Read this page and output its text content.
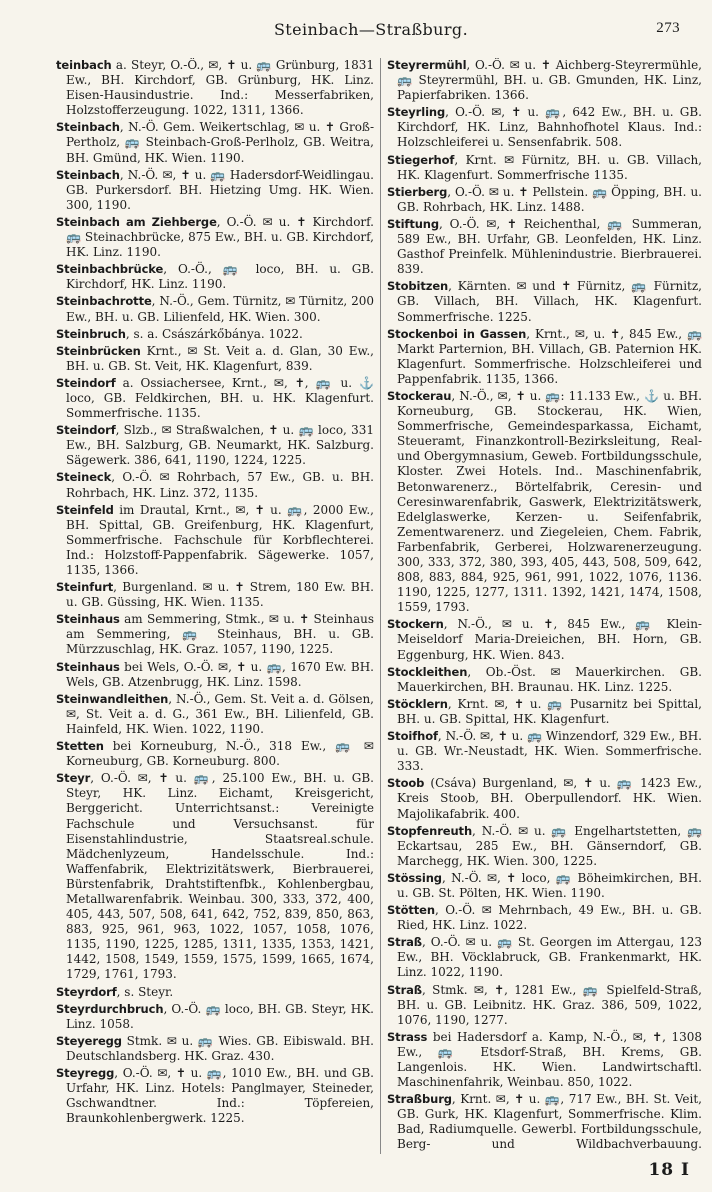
Steinbach—Straßburg.	273

teinbach a. Steyr, O.-Ö., ✉, ✝ u. 🚌 Grünburg, 1831 Ew., BH. Kirchdorf, GB. Grünburg, HK. Linz. Eisen-Hausindustrie. Ind.: Messerfabriken, Holzstofferzeugung. 1022, 1311, 1366.

Steinbach, N.-Ö. Gem. Weikertschlag, ✉ u. ✝ Groß-Pertholz, 🚌 Steinbach-Groß-Perlholz, GB. Weitra, BH. Gmünd, HK. Wien. 1190.

Steinbach, N.-Ö. ✉, ✝ u. 🚌 Hadersdorf-Weidlingau. GB. Purkersdorf. BH. Hietzing Umg. HK. Wien. 300, 1190.

Steinbach am Ziehberge, O.-Ö. ✉ u. ✝ Kirchdorf. 🚌 Steinachbrücke, 875 Ew., BH. u. GB. Kirchdorf, HK. Linz. 1190.

Steinbachbrücke, O.-Ö., 🚌 loco, BH. u. GB. Kirchdorf, HK. Linz. 1190.

Steinbachrotte, N.-Ö., Gem. Türnitz, ✉ Türnitz, 200 Ew., BH. u. GB. Lilienfeld, HK. Wien. 300.

Steinbruch, s. a. Császárkőbánya. 1022.

Steinbrücken Krnt., ✉ St. Veit a. d. Glan, 30 Ew., BH. u. GB. St. Veit, HK. Klagenfurt, 839.

Steindorf a. Ossiachersee, Krnt., ✉, ✝, 🚌 u. ⚓ loco, GB. Feldkirchen, BH. u. HK. Klagenfurt. Sommerfrische. 1135.

Steindorf, Slzb., ✉ Straßwalchen, ✝ u. 🚌 loco, 331 Ew., BH. Salzburg, GB. Neumarkt, HK. Salzburg. Sägewerk. 386, 641, 1190, 1224, 1225.

Steineck, O.-Ö. ✉ Rohrbach, 57 Ew., GB. u. BH. Rohrbach, HK. Linz. 372, 1135.

Steinfeld im Drautal, Krnt., ✉, ✝ u. 🚌, 2000 Ew., BH. Spittal, GB. Greifenburg, HK. Klagenfurt, Sommerfrische. Fachschule für Korbflechterei. Ind.: Holzstoff-Pappenfabrik. Sägewerke. 1057, 1135, 1366.

Steinfurt, Burgenland. ✉ u. ✝ Strem, 180 Ew. BH. u. GB. Güssing, HK. Wien. 1135.

Steinhaus am Semmering, Stmk., ✉ u. ✝ Steinhaus am Semmering, 🚌 Steinhaus, BH. u. GB. Mürzzuschlag, HK. Graz. 1057, 1190, 1225.

Steinhaus bei Wels, O.-Ö. ✉, ✝ u. 🚌, 1670 Ew. BH. Wels, GB. Atzenbrugg, HK. Linz. 1598.

Steinwandleithen, N.-Ö., Gem. St. Veit a. d. Gölsen, ✉, St. Veit a. d. G., 361 Ew., BH. Lilienfeld, GB. Hainfeld, HK. Wien. 1022, 1190.

Stetten bei Korneuburg, N.-Ö., 318 Ew., 🚌 ✉ Korneuburg, GB. Korneuburg. 800.

Steyr, O.-Ö. ✉, ✝ u. 🚌, 25.100 Ew., BH. u. GB. Steyr, HK. Linz. Eichamt, Kreisgericht, Berggericht. Unterrichtsanst.: Vereinigte Fachschule und Versuchsanst. für Eisenstahlindustrie, Staatsreal.schule. Mädchenlyzeum, Handelsschule. Ind.: Waffenfabrik, Elektrizitätswerk, Bierbrauerei, Bürstenfabrik, Drahtstiftenfbk., Kohlenbergbau, Metallwarenfabrik. Weinbau. 300, 333, 372, 400, 405, 443, 507, 508, 641, 642, 752, 839, 850, 863, 883, 925, 961, 963, 1022, 1057, 1058, 1076, 1135, 1190, 1225, 1285, 1311, 1335, 1353, 1421, 1442, 1508, 1549, 1559, 1575, 1599, 1665, 1674, 1729, 1761, 1793.

Steyrdorf, s. Steyr.

Steyrdurchbruch, O.-Ö. 🚌 loco, BH. GB. Steyr, HK. Linz. 1058.

Steyeregg Stmk. ✉ u. 🚌 Wies. GB. Eibiswald. BH. Deutschlandsberg. HK. Graz. 430.

Steyregg, O.-Ö. ✉, ✝ u. 🚌, 1010 Ew., BH. und GB. Urfahr, HK. Linz. Hotels: Panglmayer, Steineder, Gschwandtner. Ind.: Töpfereien, Braunkohlenbergwerk. 1225.

Steyrermühl, O.-Ö. ✉ u. ✝ Aichberg-Steyrermühle, 🚌 Steyrermühl, BH. u. GB. Gmunden, HK. Linz, Papierfabriken. 1366.

Steyrling, O.-Ö. ✉, ✝ u. 🚌, 642 Ew., BH. u. GB. Kirchdorf, HK. Linz, Bahnhofhotel Klaus. Ind.: Holzschleiferei u. Sensenfabrik. 508.

Stiegerhof, Krnt. ✉ Fürnitz, BH. u. GB. Villach, HK. Klagenfurt. Sommerfrische 1135.

Stierberg, O.-Ö. ✉ u. ✝ Pellstein. 🚌 Öpping, BH. u. GB. Rohrbach, HK. Linz. 1488.

Stiftung, O.-Ö. ✉, ✝ Reichenthal, 🚌 Summeran, 589 Ew., BH. Urfahr, GB. Leonfelden, HK. Linz. Gasthof Preinfelk. Mühlenindustrie. Bierbrauerei. 839.

Stobitzen, Kärnten. ✉ und ✝ Fürnitz, 🚌 Fürnitz, GB. Villach, BH. Villach, HK. Klagenfurt. Sommerfrische. 1225.

Stockenboi in Gassen, Krnt., ✉, u. ✝, 845 Ew., 🚌 Markt Parternion, BH. Villach, GB. Paternion HK. Klagenfurt. Sommerfrische. Holzschleiferei und Pappenfabrik. 1135, 1366.

Stockerau, N.-Ö., ✉, ✝ u. 🚌: 11.133 Ew., ⚓ u. BH. Korneuburg, GB. Stockerau, HK. Wien, Sommerfrische, Gemeindesparkassa, Eichamt, Steueramt, Finanzkontroll-Bezirksleitung, Real- und Obergymnasium, Geweb. Fortbildungsschule, Kloster. Zwei Hotels. Ind.. Maschinenfabrik, Betonwarenerz., Börtelfabrik, Ceresin- und Ceresinwarenfabrik, Gaswerk, Elektrizitätswerk, Edelglaswerke, Kerzen- u. Seifenfabrik, Zementwarenerz. und Ziegeleien, Chem. Fabrik, Farbenfabrik, Gerberei, Holzwarenerzeugung. 300, 333, 372, 380, 393, 405, 443, 508, 509, 642, 808, 883, 884, 925, 961, 991, 1022, 1076, 1136. 1190, 1225, 1277, 1311. 1392, 1421, 1474, 1508, 1559, 1793.

Stockern, N.-Ö., ✉ u. ✝, 845 Ew., 🚌 Klein-Meiseldorf Maria-Dreieichen, BH. Horn, GB. Eggenburg, HK. Wien. 843.

Stockleithen, Ob.-Öst. ✉ Mauerkirchen. GB. Mauerkirchen, BH. Braunau. HK. Linz. 1225.

Stöcklern, Krnt. ✉, ✝ u. 🚌 Pusarnitz bei Spittal, BH. u. GB. Spittal, HK. Klagenfurt.

Stoifhof, N.-Ö. ✉, ✝ u. 🚌 Winzendorf, 329 Ew., BH. u. GB. Wr.-Neustadt, HK. Wien. Sommerfrische. 333.

Stoob (Csáva) Burgenland, ✉, ✝ u. 🚌 1423 Ew., Kreis Stoob, BH. Oberpullendorf. HK. Wien. Majolikafabrik. 400.

Stopfenreuth, N.-Ö. ✉ u. 🚌 Engelhartstetten, 🚌 Eckartsau, 285 Ew., BH. Gänserndorf, GB. Marchegg, HK. Wien. 300, 1225.

Stössing, N.-Ö. ✉, ✝ loco, 🚌 Böheimkirchen, BH. u. GB. St. Pölten, HK. Wien. 1190.

Stötten, O.-Ö. ✉ Mehrnbach, 49 Ew., BH. u. GB. Ried, HK. Linz. 1022.

Straß, O.-Ö. ✉ u. 🚌 St. Georgen im Attergau, 123 Ew., BH. Vöcklabruck, GB. Frankenmarkt, HK. Linz. 1022, 1190.

Straß, Stmk. ✉, ✝, 1281 Ew., 🚌 Spielfeld-Straß, BH. u. GB. Leibnitz. HK. Graz. 386, 509, 1022, 1076, 1190, 1277.

Strass bei Hadersdorf a. Kamp, N.-Ö., ✉, ✝, 1308 Ew., 🚌 Etsdorf-Straß, BH. Krems, GB. Langenlois. HK. Wien. Landwirtschaftl. Maschinenfahrik, Weinbau. 850, 1022.

Straßburg, Krnt. ✉, ✝ u. 🚌, 717 Ew., BH. St. Veit, GB. Gurk, HK. Klagenfurt, Sommerfrische. Klim. Bad, Radiumquelle. Gewerbl. Fortbildungsschule, Berg- und Wildbachverbauung.

18 I
